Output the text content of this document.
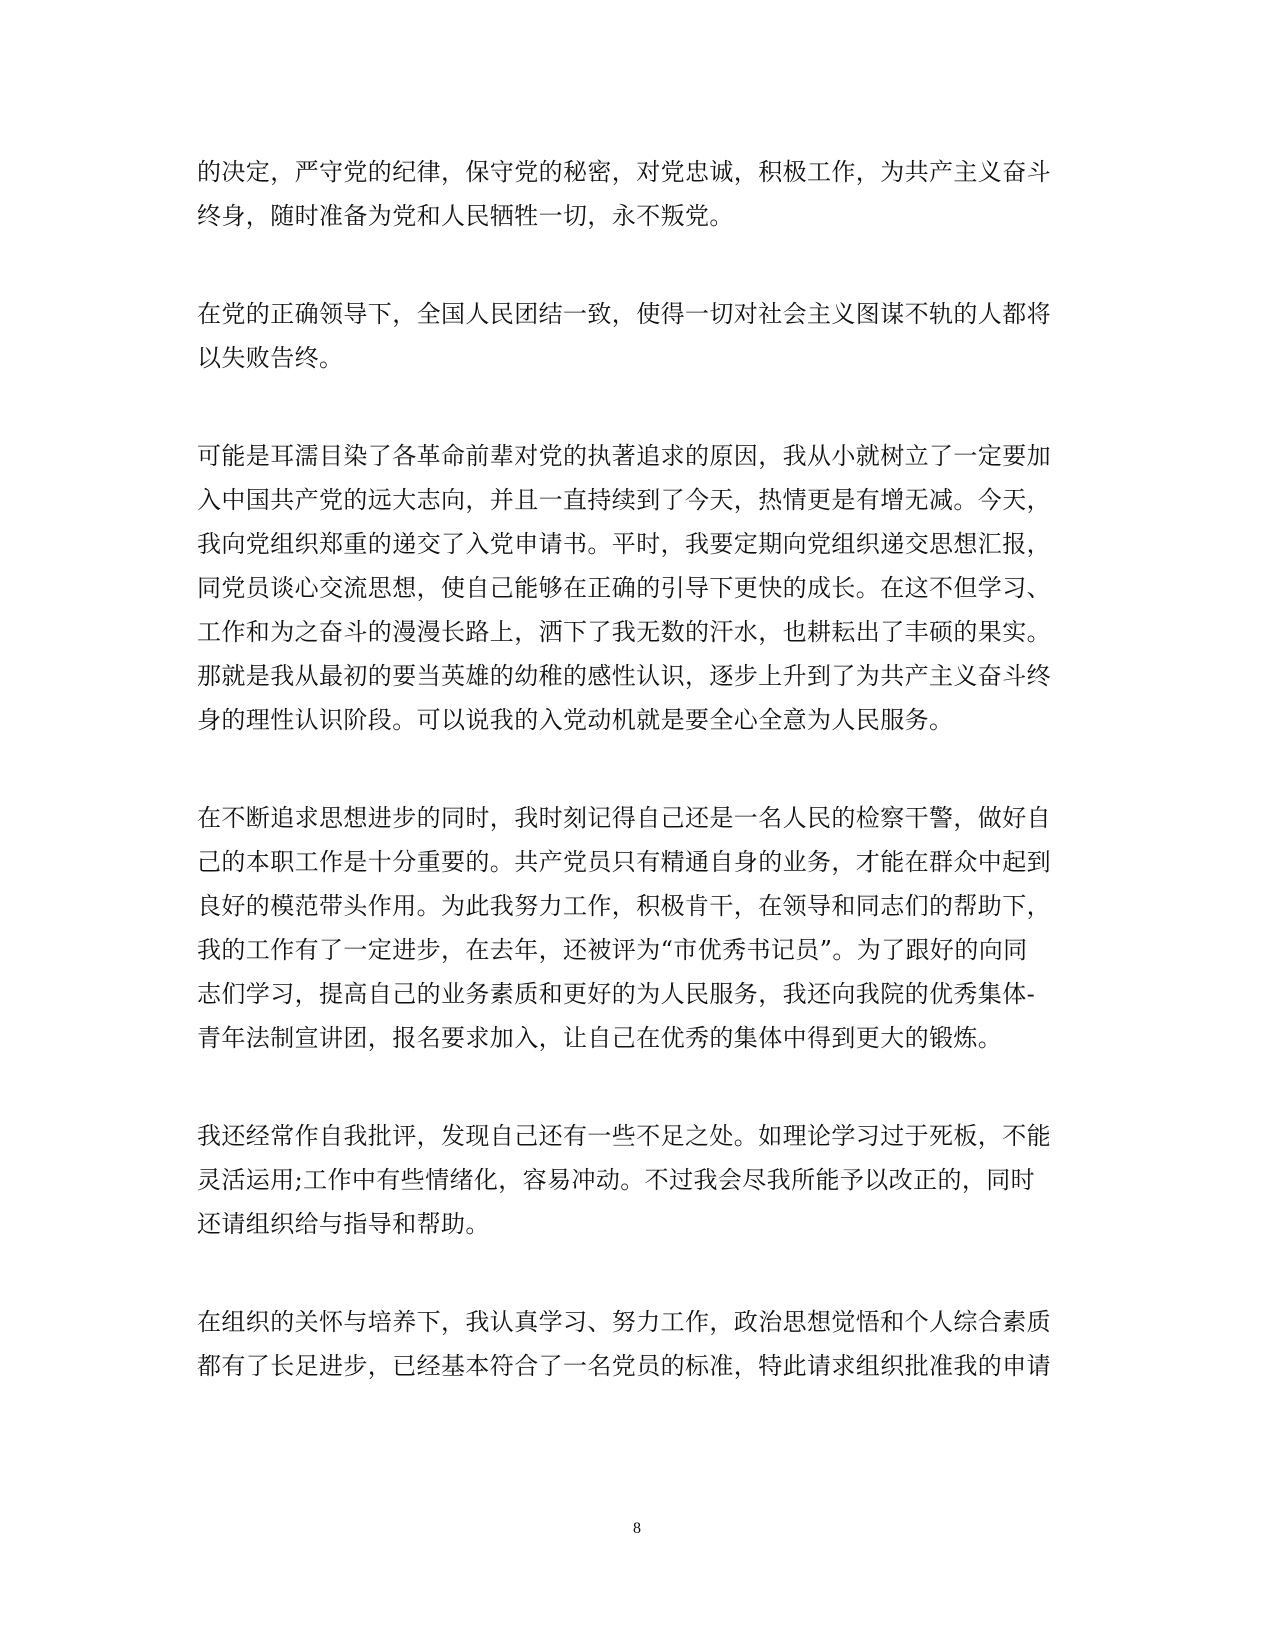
的决定，严守党的纪律，保守党的秘密，对党忠诚，积极工作，为共产主义奋斗
终身，随时准备为党和人民牺牲一切，永不叛党。
在党的正确领导下，全国人民团结一致，使得一切对社会主义图谋不轨的人都将
以失败告终。
可能是耳濡目染了各革命前辈对党的执著追求的原因，我从小就树立了一定要加
入中国共产党的远大志向，并且一直持续到了今天，热情更是有增无减。今天，
我向党组织郑重的递交了入党申请书。平时，我要定期向党组织递交思想汇报，
同党员谈心交流思想，使自己能够在正确的引导下更快的成长。在这不但学习、
工作和为之奋斗的漫漫长路上，洒下了我无数的汗水，也耕耘出了丰硕的果实。
那就是我从最初的要当英雄的幼稚的感性认识，逐步上升到了为共产主义奋斗终
身的理性认识阶段。可以说我的入党动机就是要全心全意为人民服务。
在不断追求思想进步的同时，我时刻记得自己还是一名人民的检察干警，做好自
己的本职工作是十分重要的。共产党员只有精通自身的业务，才能在群众中起到
良好的模范带头作用。为此我努力工作，积极肯干，在领导和同志们的帮助下，
我的工作有了一定进步，在去年，还被评为“市优秀书记员”。为了跟好的向同
志们学习，提高自己的业务素质和更好的为人民服务，我还向我院的优秀集体-
青年法制宣讲团，报名要求加入，让自己在优秀的集体中得到更大的锻炼。
我还经常作自我批评，发现自己还有一些不足之处。如理论学习过于死板，不能
灵活运用;工作中有些情绪化，容易冲动。不过我会尽我所能予以改正的，同时
还请组织给与指导和帮助。
在组织的关怀与培养下，我认真学习、努力工作，政治思想觉悟和个人综合素质
都有了长足进步，已经基本符合了一名党员的标准，特此请求组织批准我的申请
8
